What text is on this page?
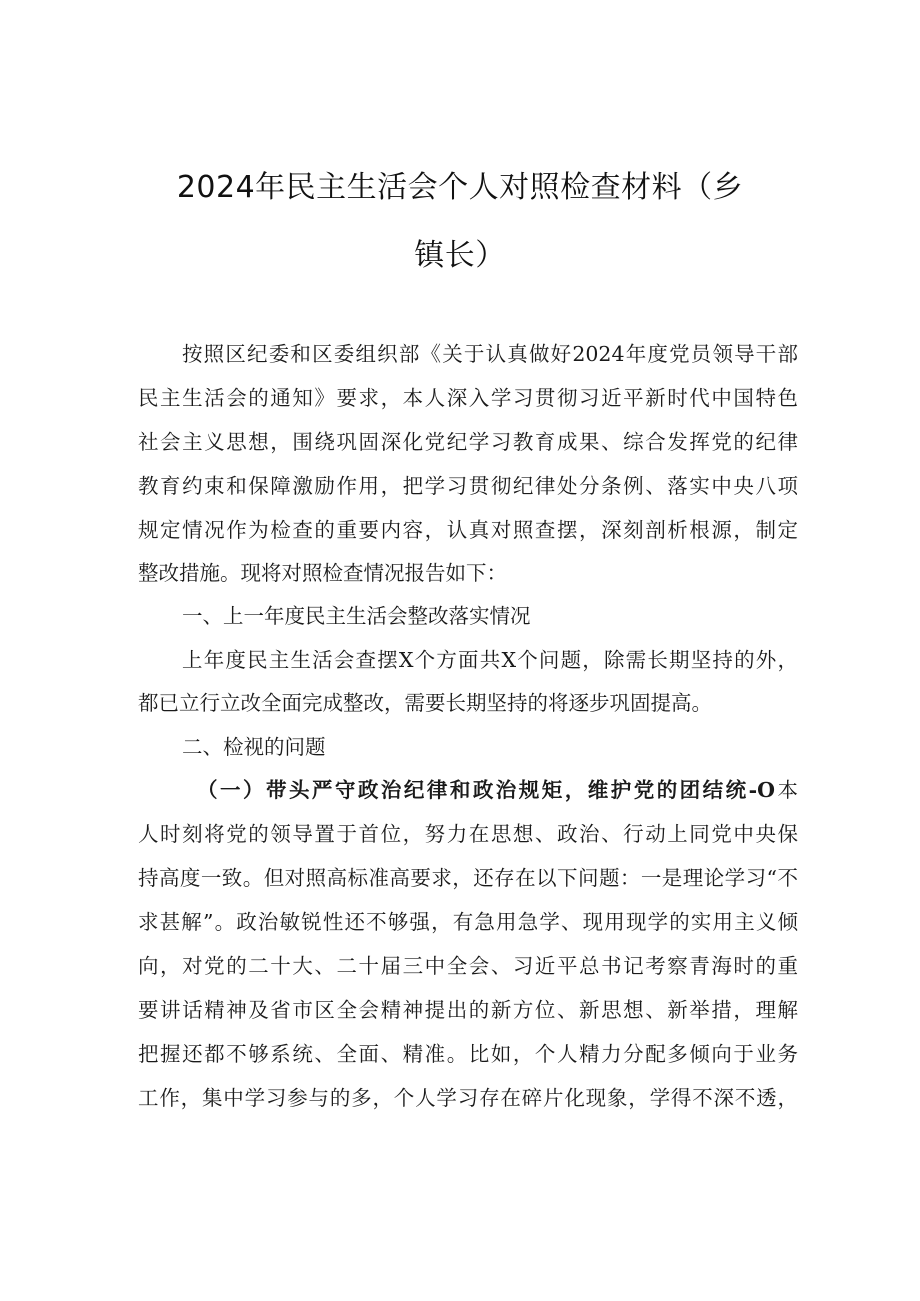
2024年民主生活会个人对照检查材料（乡
镇长）
按照区纪委和区委组织部《关于认真做好2024年度党员领导干部
民主生活会的通知》要求，本人深入学习贯彻习近平新时代中国特色
社会主义思想，围绕巩固深化党纪学习教育成果、综合发挥党的纪律
教育约束和保障激励作用，把学习贯彻纪律处分条例、落实中央八项
规定情况作为检查的重要内容，认真对照查摆，深刻剖析根源，制定
整改措施。现将对照检查情况报告如下：
一、上一年度民主生活会整改落实情况
上年度民主生活会查摆X个方面共X个问题，除需长期坚持的外，
都已立行立改全面完成整改，需要长期坚持的将逐步巩固提高。
二、检视的问题
（一）带头严守政治纪律和政治规矩，维护党的团结统-O本
人时刻将党的领导置于首位，努力在思想、政治、行动上同党中央保
持高度一致。但对照高标准高要求，还存在以下问题：一是理论学习“不
求甚解”。政治敏锐性还不够强，有急用急学、现用现学的实用主义倾
向，对党的二十大、二十届三中全会、习近平总书记考察青海时的重
要讲话精神及省市区全会精神提出的新方位、新思想、新举措，理解
把握还都不够系统、全面、精准。比如，个人精力分配多倾向于业务
工作，集中学习参与的多，个人学习存在碎片化现象，学得不深不透，
